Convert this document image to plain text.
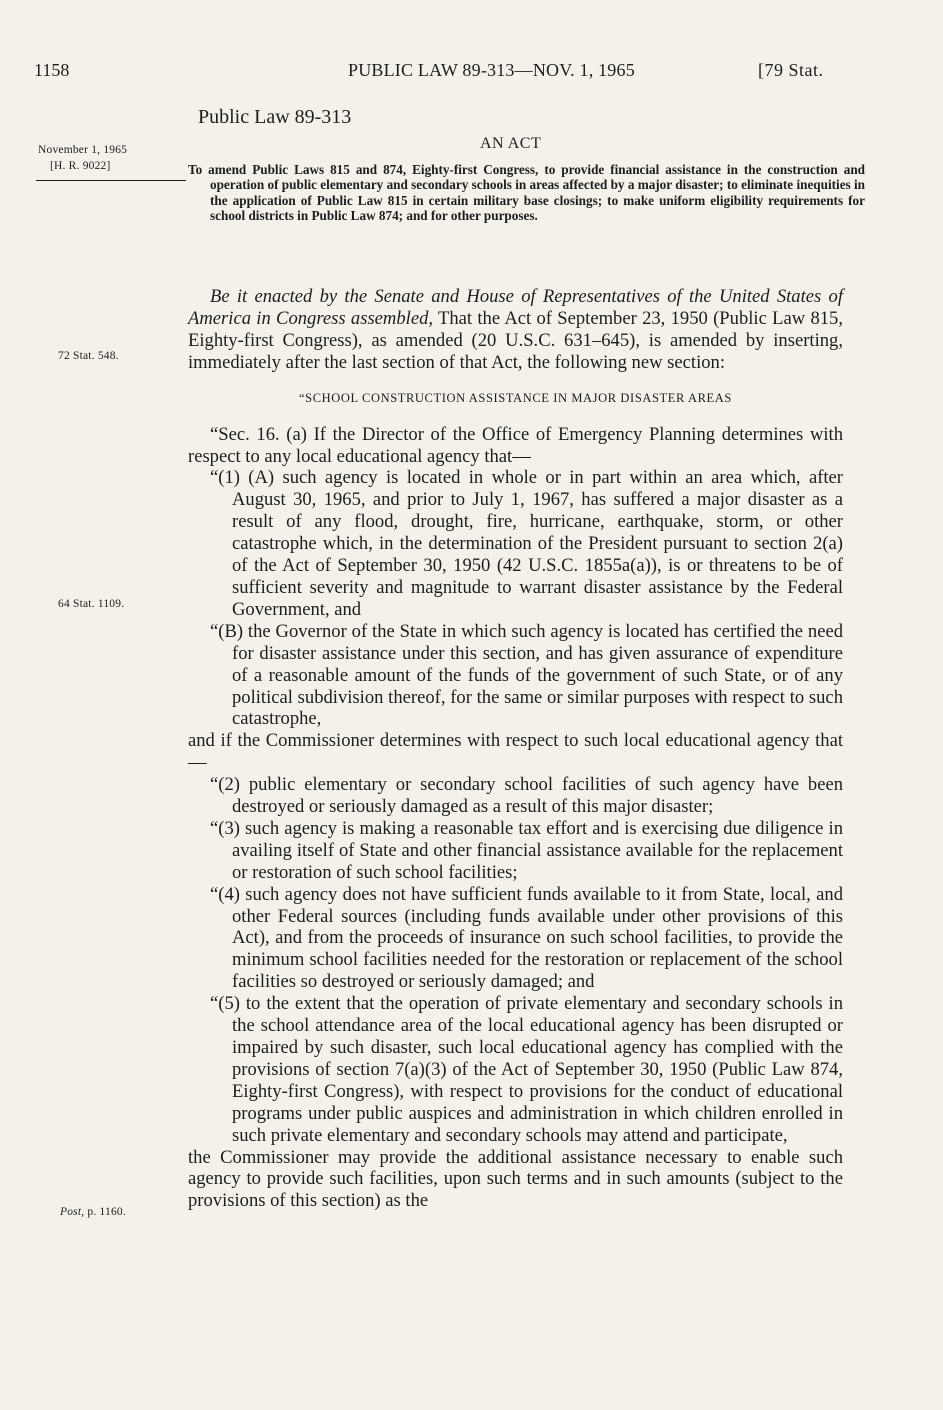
1158	PUBLIC LAW 89-313—NOV. 1, 1965	[79 Stat.
Public Law 89-313
AN ACT
November 1, 1965
[H. R. 9022]
72 Stat. 548.
64 Stat. 1109.
Post, p. 1160.
To amend Public Laws 815 and 874, Eighty-first Congress, to provide financial assistance in the construction and operation of public elementary and secondary schools in areas affected by a major disaster; to eliminate inequities in the application of Public Law 815 in certain military base closings; to make uniform eligibility requirements for school districts in Public Law 874; and for other purposes.

Be it enacted by the Senate and House of Representatives of the United States of America in Congress assembled, That the Act of September 23, 1950 (Public Law 815, Eighty-first Congress), as amended (20 U.S.C. 631–645), is amended by inserting, immediately after the last section of that Act, the following new section:

“SCHOOL CONSTRUCTION ASSISTANCE IN MAJOR DISASTER AREAS

“Sec. 16. (a) If the Director of the Office of Emergency Planning determines with respect to any local educational agency that—

“(1) (A) such agency is located in whole or in part within an area which, after August 30, 1965, and prior to July 1, 1967, has suffered a major disaster as a result of any flood, drought, fire, hurricane, earthquake, storm, or other catastrophe which, in the determination of the President pursuant to section 2(a) of the Act of September 30, 1950 (42 U.S.C. 1855a(a)), is or threatens to be of sufficient severity and magnitude to warrant disaster assistance by the Federal Government, and

“(B) the Governor of the State in which such agency is located has certified the need for disaster assistance under this section, and has given assurance of expenditure of a reasonable amount of the funds of the government of such State, or of any political subdivision thereof, for the same or similar purposes with respect to such catastrophe,

and if the Commissioner determines with respect to such local educational agency that—

“(2) public elementary or secondary school facilities of such agency have been destroyed or seriously damaged as a result of this major disaster;

“(3) such agency is making a reasonable tax effort and is exercising due diligence in availing itself of State and other financial assistance available for the replacement or restoration of such school facilities;

“(4) such agency does not have sufficient funds available to it from State, local, and other Federal sources (including funds available under other provisions of this Act), and from the proceeds of insurance on such school facilities, to provide the minimum school facilities needed for the restoration or replacement of the school facilities so destroyed or seriously damaged; and

“(5) to the extent that the operation of private elementary and secondary schools in the school attendance area of the local educational agency has been disrupted or impaired by such disaster, such local educational agency has complied with the provisions of section 7(a)(3) of the Act of September 30, 1950 (Public Law 874, Eighty-first Congress), with respect to provisions for the conduct of educational programs under public auspices and administration in which children enrolled in such private elementary and secondary schools may attend and participate,

the Commissioner may provide the additional assistance necessary to enable such agency to provide such facilities, upon such terms and in such amounts (subject to the provisions of this section) as the
